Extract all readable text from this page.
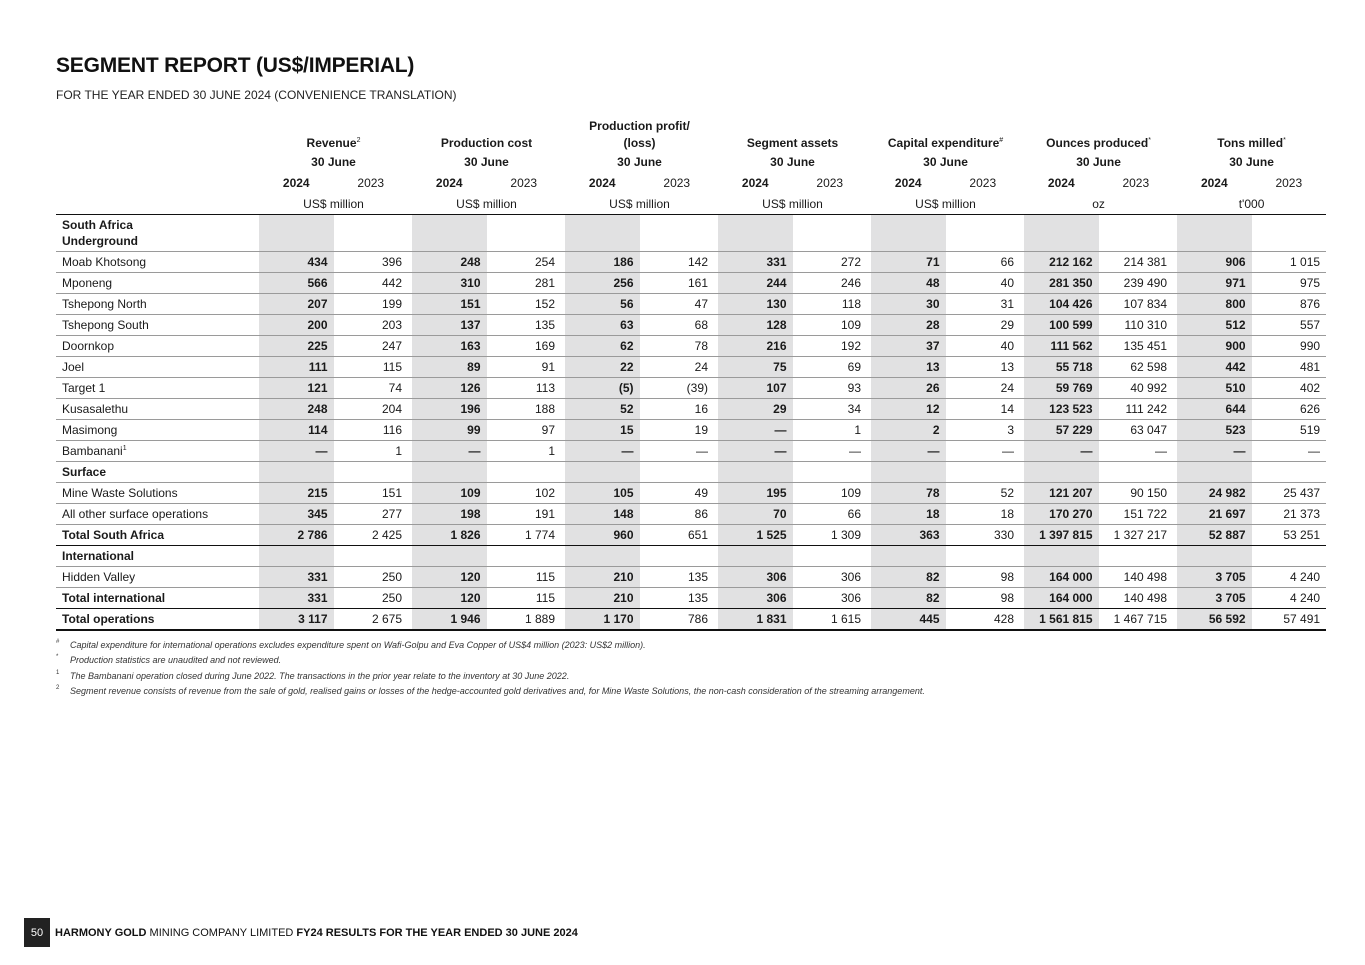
SEGMENT REPORT (US$/IMPERIAL)
FOR THE YEAR ENDED 30 JUNE 2024 (CONVENIENCE TRANSLATION)
	Revenue$^2$			Production cost			Production profit/
(loss)			Segment assets			Capital expenditure#			Ounces produced*			Tons milled*
	30 June			30 June			30 June			30 June			30 June			30 June			30 June	
	2024	2023		2024	2023		2024	2023		2024	2023		2024	2023		2024	2023		2024	2023
	US$ million			US$ million			US$ million			US$ million			US$ million			oz			t'000	
South Africa
Underground																				
Moab Khotsong	434	396		248	254		186	142		331	272		71	66		212 162	214 381		906	1 015
Mponeng	566	442		310	281		256	161		244	246		48	40		281 350	239 490		971	975
Tshepong North	207	199		151	152		56	47		130	118		30	31		104 426	107 834		800	876
Tshepong South	200	203		137	135		63	68		128	109		28	29		100 599	110 310		512	557
Doornkop	225	247		163	169		62	78		216	192		37	40		111 562	135 451		900	990
Joel	111	115		89	91		22	24		75	69		13	13		55 718	62 598		442	481
Target 1	121	74		126	113		(5)	(39)		107	93		26	24		59 769	40 992		510	402
Kusasalethu	248	204		196	188		52	16		29	34		12	14		123 523	111 242		644	626
Masimong	114	116		99	97		15	19		—	1		2	3		57 229	63 047		523	519
Bambanani$^1$	—	1		—	1		—	—		—	—		—	—		—	—		—	—
Surface																				
Mine Waste Solutions	215	151		109	102		105	49		195	109		78	52		121 207	90 150		24 982	25 437
All other surface operations	345	277		198	191		148	86		70	66		18	18		170 270	151 722		21 697	21 373
Total South Africa	2 786	2 425		1 826	1 774		960	651		1 525	1 309		363	330		1 397 815	1 327 217		52 887	53 251
International																				
Hidden Valley	331	250		120	115		210	135		306	306		82	98		164 000	140 498		3 705	4 240
Total international	331	250		120	115		210	135		306	306		82	98		164 000	140 498		3 705	4 240
Total operations	3 117	2 675		1 946	1 889		1 170	786		1 831	1 615		445	428		1 561 815	1 467 715		56 592	57 491
#	Capital expenditure for international operations excludes expenditure spent on Wafi-Golpu and Eva Copper of US$4 million (2023: US$2 million).
*	Production statistics are unaudited and not reviewed.
1	The Bambanani operation closed during June 2022. The transactions in the prior year relate to the inventory at 30 June 2022.
2	Segment revenue consists of revenue from the sale of gold, realised gains or losses of the hedge-accounted gold derivatives and, for Mine Waste Solutions, the non-cash consideration of the streaming arrangement.
50	HARMONY GOLD MINING COMPANY LIMITED FY24 RESULTS FOR THE YEAR ENDED 30 JUNE 2024
